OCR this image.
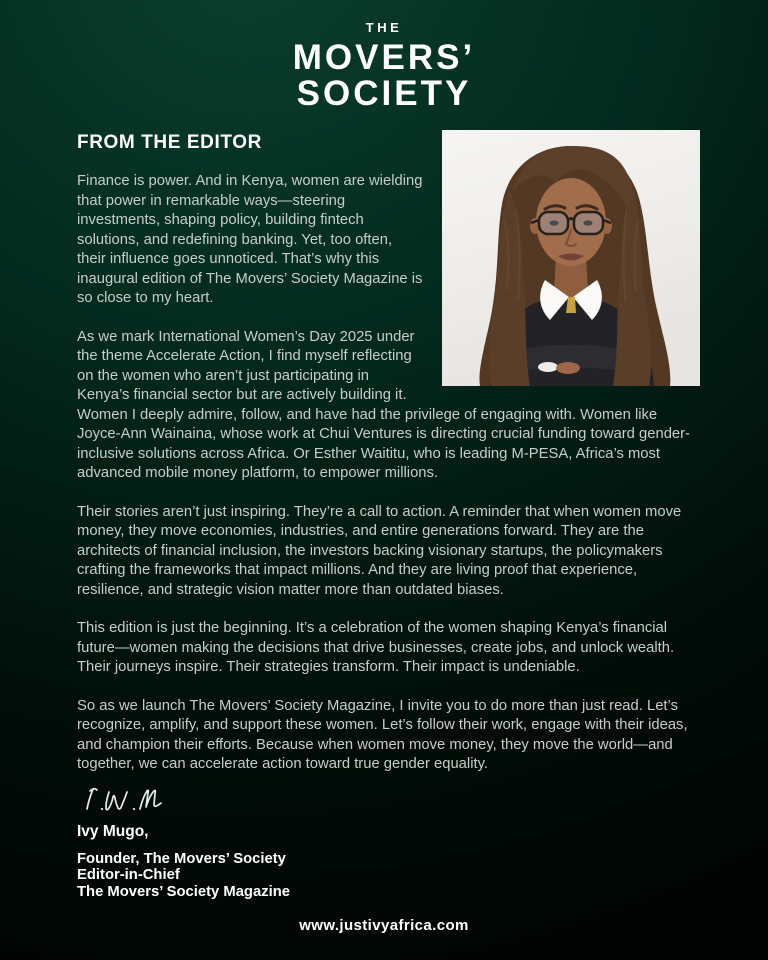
THE
MOVERS’
SOCIETY
FROM THE EDITOR

Finance is power. And in Kenya, women are wielding that power in remarkable ways—steering investments, shaping policy, building fintech solutions, and redefining banking. Yet, too often, their influence goes unnoticed. That’s why this inaugural edition of The Movers’ Society Magazine is so close to my heart.

As we mark International Women’s Day 2025 under the theme Accelerate Action, I find myself reflecting on the women who aren’t just participating in Kenya’s financial sector but are actively building it. Women I deeply admire, follow, and have had the privilege of engaging with. Women like Joyce-Ann Wainaina, whose work at Chui Ventures is directing crucial funding toward gender-inclusive solutions across Africa. Or Esther Waititu, who is leading M-PESA, Africa’s most advanced mobile money platform, to empower millions.

Their stories aren’t just inspiring. They’re a call to action. A reminder that when women move money, they move economies, industries, and entire generations forward. They are the architects of financial inclusion, the investors backing visionary startups, the policymakers crafting the frameworks that impact millions. And they are living proof that experience, resilience, and strategic vision matter more than outdated biases.

This edition is just the beginning. It’s a celebration of the women shaping Kenya’s financial future—women making the decisions that drive businesses, create jobs, and unlock wealth. Their journeys inspire. Their strategies transform. Their impact is undeniable.

So as we launch The Movers’ Society Magazine, I invite you to do more than just read. Let’s recognize, amplify, and support these women. Let’s follow their work, engage with their ideas, and champion their efforts. Because when women move money, they move the world—and together, we can accelerate action toward true gender equality.

Ivy Mugo,
Founder, The Movers’ Society
Editor-in-Chief
The Movers’ Society Magazine
www.justivyafrica.com
